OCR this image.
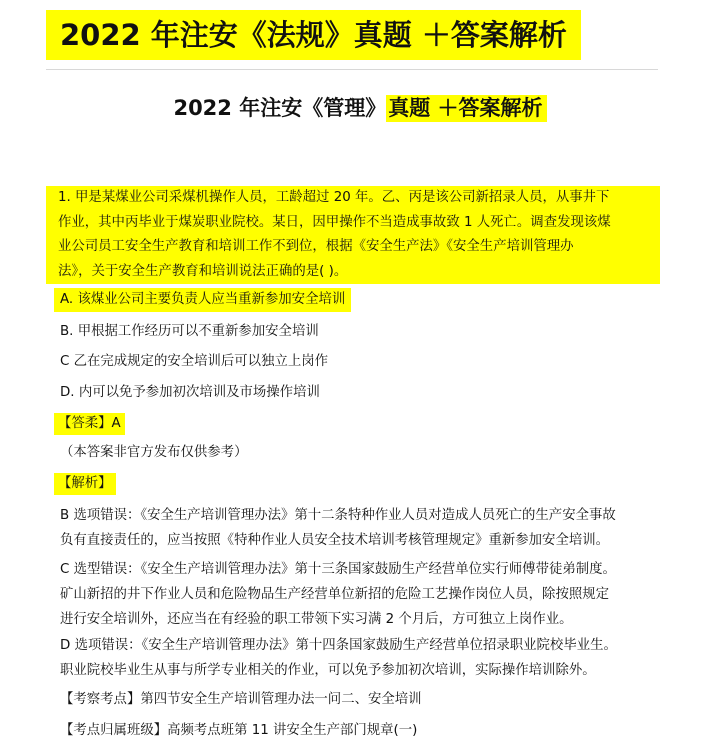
2022 年注安《法规》真题 ＋答案解析
2022 年注安《管理》真题 ＋答案解析
1. 甲是某煤业公司采煤机操作人员，工龄超过 20 年。乙、丙是该公司新招录人员，从事井下
作业，其中丙毕业于煤炭职业院校。某日，因甲操作不当造成事故致 1 人死亡。调查发现该煤
业公司员工安全生产教育和培训工作不到位，根据《安全生产法》《安全生产培训管理办
法》，关于安全生产教育和培训说法正确的是( )。
A. 该煤业公司主要负责人应当重新参加安全培训
B. 甲根据工作经历可以不重新参加安全培训
C 乙在完成规定的安全培训后可以独立上岗作
D. 内可以免予参加初次培训及市场操作培训
【答柔】A
（本答案非官方发布仅供参考）
【解析】
B 选项错误：《安全生产培训管理办法》第十二条特种作业人员对造成人员死亡的生产安全事故
负有直接责任的，应当按照《特种作业人员安全技术培训考核管理规定》重新参加安全培训。
C 选型错误：《安全生产培训管理办法》第十三条国家鼓励生产经营单位实行师傅带徒弟制度。
矿山新招的井下作业人员和危险物品生产经营单位新招的危险工艺操作岗位人员，除按照规定
进行安全培训外，还应当在有经验的职工带领下实习满 2 个月后，方可独立上岗作业。
D 选项错误：《安全生产培训管理办法》第十四条国家鼓励生产经营单位招录职业院校毕业生。
职业院校毕业生从事与所学专业相关的作业，可以免予参加初次培训，实际操作培训除外。
【考察考点】第四节安全生产培训管理办法一问二、安全培训
【考点归属班级】高频考点班第 11 讲安全生产部门规章(一)
